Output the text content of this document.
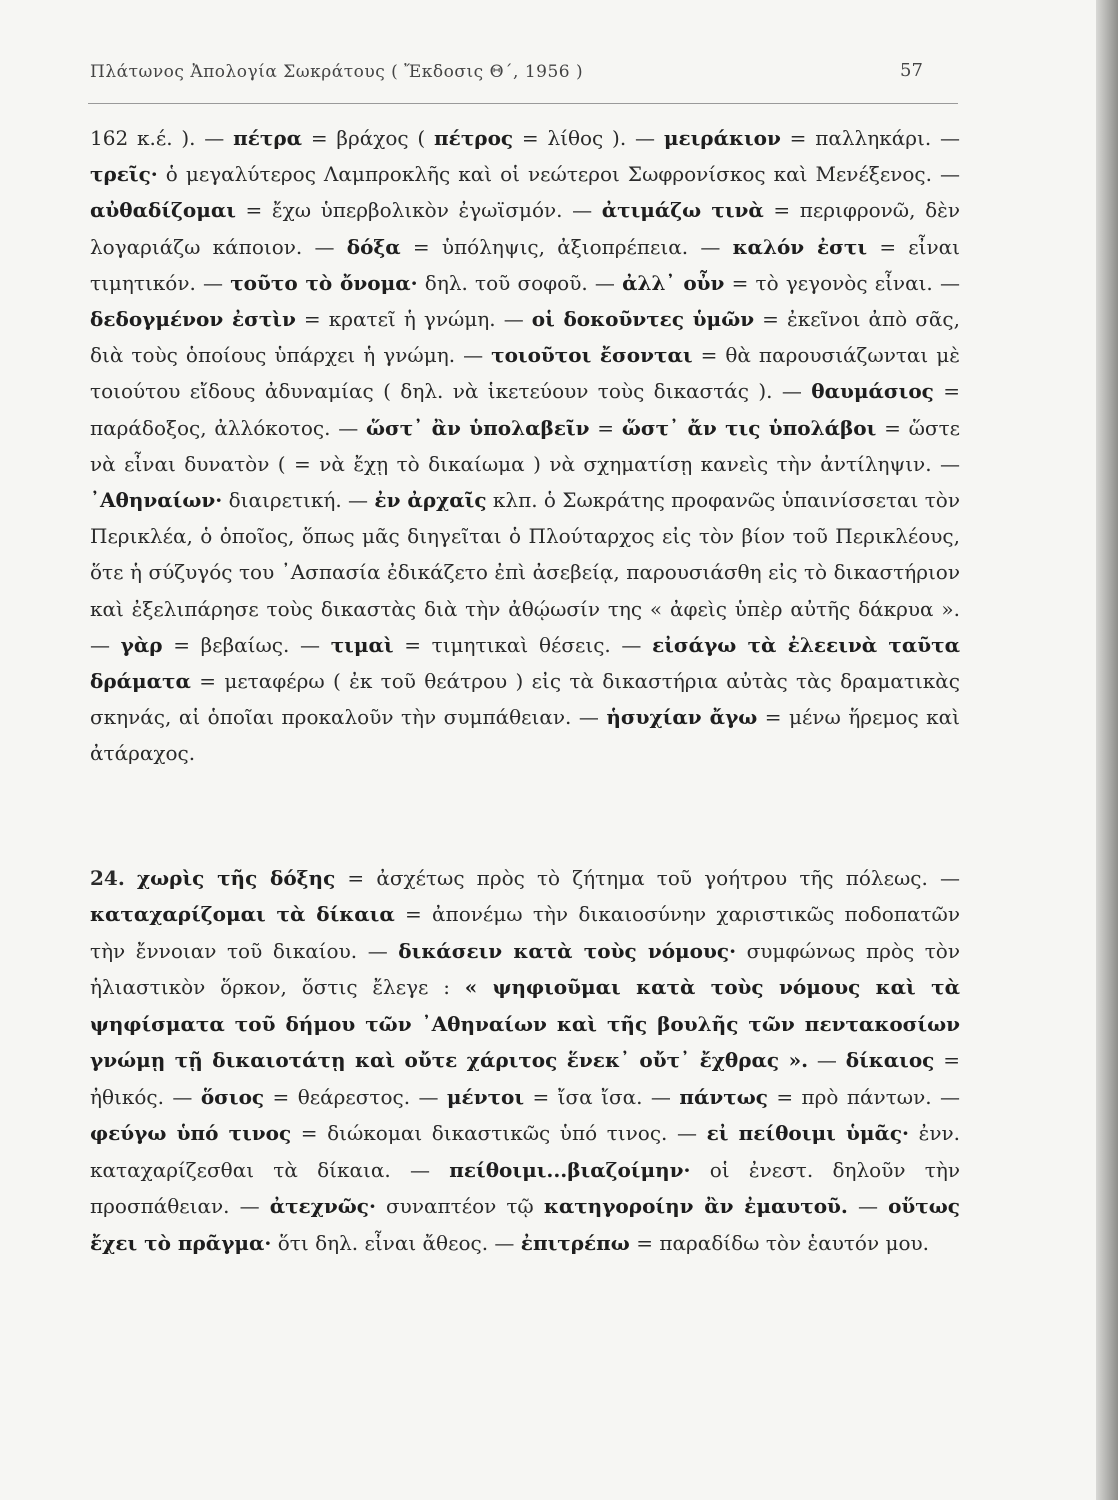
Πλάτωνος Ἀπολογία Σωκράτους ( Ἔκδοσις Θ΄, 1956 )	57

162 κ.έ. ). — πέτρα = βράχος ( πέτρος = λίθος ). — μειράκιον = παλληκάρι. — τρεῖς· ὁ μεγαλύτερος Λαμπροκλῆς καὶ οἱ νεώτεροι Σωφρονίσκος καὶ Μενέξενος. — αὐθαδίζομαι = ἔχω ὑπερβολικὸν ἐγωϊσμόν. — ἀτιμάζω τινὰ = περιφρονῶ, δὲν λογαριάζω κάποιον. — δόξα = ὑπόληψις, ἀξιοπρέπεια. — καλόν ἐστι = εἶναι τιμητικόν. — τοῦτο τὸ ὄνομα· δηλ. τοῦ σοφοῦ. — ἀλλ᾿ οὖν = τὸ γεγονὸς εἶναι. — δεδογμένον ἐστὶν = κρατεῖ ἡ γνώμη. — οἱ δοκοῦντες ὑμῶν = ἐκεῖνοι ἀπὸ σᾶς, διὰ τοὺς ὁποίους ὑπάρχει ἡ γνώμη. — τοιοῦτοι ἔσονται = θὰ παρουσιάζωνται μὲ τοιούτου εἴδους ἀδυναμίας ( δηλ. νὰ ἱκετεύουν τοὺς δικαστάς ). — θαυμάσιος = παράδοξος, ἀλλόκοτος. — ὥστ᾿ ἂν ὑπολαβεῖν = ὥστ᾿ ἄν τις ὑπολάβοι = ὥστε νὰ εἶναι δυνατὸν ( = νὰ ἔχῃ τὸ δικαίωμα ) νὰ σχηματίσῃ κανεὶς τὴν ἀντίληψιν. — ᾿Αθηναίων· διαιρετική. — ἐν ἀρχαῖς κλπ. ὁ Σωκράτης προφανῶς ὑπαινίσσεται τὸν Περικλέα, ὁ ὁποῖος, ὅπως μᾶς διηγεῖται ὁ Πλούταρχος εἰς τὸν βίον τοῦ Περικλέους, ὅτε ἡ σύζυγός του ᾿Ασπασία ἐδικάζετο ἐπὶ ἀσεβείᾳ, παρουσιάσθη εἰς τὸ δικαστήριον καὶ ἐξελιπάρησε τοὺς δικαστὰς διὰ τὴν ἀθῴωσίν της « ἀφεὶς ὑπὲρ αὐτῆς δάκρυα ». — γὰρ = βεβαίως. — τιμαὶ = τιμητικαὶ θέσεις. — εἰσάγω τὰ ἐλεεινὰ ταῦτα δράματα = μεταφέρω ( ἐκ τοῦ θεάτρου ) εἰς τὰ δικαστήρια αὐτὰς τὰς δραματικὰς σκηνάς, αἱ ὁποῖαι προκαλοῦν τὴν συμπάθειαν. — ἡσυχίαν ἄγω = μένω ἥρεμος καὶ ἀτάραχος.

24. χωρὶς τῆς δόξης = ἀσχέτως πρὸς τὸ ζήτημα τοῦ γοήτρου τῆς πόλεως. — καταχαρίζομαι τὰ δίκαια = ἀπονέμω τὴν δικαιοσύνην χαριστικῶς ποδοπατῶν τὴν ἔννοιαν τοῦ δικαίου. — δικάσειν κατὰ τοὺς νόμους· συμφώνως πρὸς τὸν ἡλιαστικὸν ὅρκον, ὅστις ἔλεγε : « ψηφιοῦμαι κατὰ τοὺς νόμους καὶ τὰ ψηφίσματα τοῦ δήμου τῶν ᾿Αθηναίων καὶ τῆς βουλῆς τῶν πεντακοσίων γνώμῃ τῇ δικαιοτάτῃ καὶ οὔτε χάριτος ἕνεκ᾿ οὔτ᾿ ἔχθρας ». — δίκαιος = ἠθικός. — ὅσιος = θεάρεστος. — μέντοι = ἴσα ἴσα. — πάντως = πρὸ πάντων. — φεύγω ὑπό τινος = διώκομαι δικαστικῶς ὑπό τινος. — εἰ πείθοιμι ὑμᾶς· ἐνν. καταχαρίζεσθαι τὰ δίκαια. — πείθοιμι...βιαζοίμην· οἱ ἐνεστ. δηλοῦν τὴν προσπάθειαν. — ἀτεχνῶς· συναπτέον τῷ κατηγοροίην ἂν ἐμαυτοῦ. — οὕτως ἔχει τὸ πρᾶγμα· ὅτι δηλ. εἶναι ἄθεος. — ἐπιτρέπω = παραδίδω τὸν ἑαυτόν μου.
